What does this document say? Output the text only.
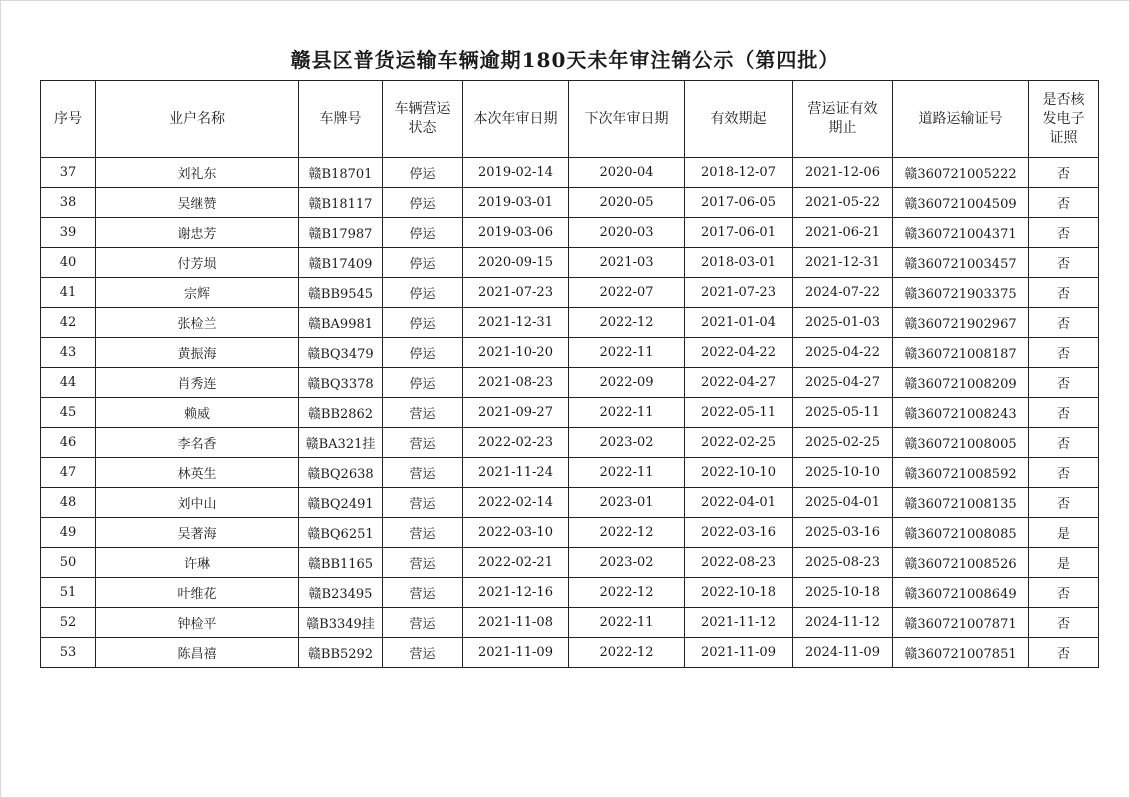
赣县区普货运输车辆逾期180天未年审注销公示（第四批）
序号	业户名称	车牌号	车辆营运状态	本次年审日期	下次年审日期	有效期起	营运证有效期止	道路运输证号	是否核发电子证照
37	刘礼东	赣B18701	停运	2019-02-14	2020-04	2018-12-07	2021-12-06	赣360721005222	否
38	吴继赞	赣B18117	停运	2019-03-01	2020-05	2017-06-05	2021-05-22	赣360721004509	否
39	谢忠芳	赣B17987	停运	2019-03-06	2020-03	2017-06-01	2021-06-21	赣360721004371	否
40	付芳埙	赣B17409	停运	2020-09-15	2021-03	2018-03-01	2021-12-31	赣360721003457	否
41	宗辉	赣BB9545	停运	2021-07-23	2022-07	2021-07-23	2024-07-22	赣360721903375	否
42	张检兰	赣BA9981	停运	2021-12-31	2022-12	2021-01-04	2025-01-03	赣360721902967	否
43	黄振海	赣BQ3479	停运	2021-10-20	2022-11	2022-04-22	2025-04-22	赣360721008187	否
44	肖秀连	赣BQ3378	停运	2021-08-23	2022-09	2022-04-27	2025-04-27	赣360721008209	否
45	赖威	赣BB2862	营运	2021-09-27	2022-11	2022-05-11	2025-05-11	赣360721008243	否
46	李名香	赣BA321挂	营运	2022-02-23	2023-02	2022-02-25	2025-02-25	赣360721008005	否
47	林英生	赣BQ2638	营运	2021-11-24	2022-11	2022-10-10	2025-10-10	赣360721008592	否
48	刘中山	赣BQ2491	营运	2022-02-14	2023-01	2022-04-01	2025-04-01	赣360721008135	否
49	吴著海	赣BQ6251	营运	2022-03-10	2022-12	2022-03-16	2025-03-16	赣360721008085	是
50	许琳	赣BB1165	营运	2022-02-21	2023-02	2022-08-23	2025-08-23	赣360721008526	是
51	叶维花	赣B23495	营运	2021-12-16	2022-12	2022-10-18	2025-10-18	赣360721008649	否
52	钟检平	赣B3349挂	营运	2021-11-08	2022-11	2021-11-12	2024-11-12	赣360721007871	否
53	陈昌禧	赣BB5292	营运	2021-11-09	2022-12	2021-11-09	2024-11-09	赣360721007851	否
